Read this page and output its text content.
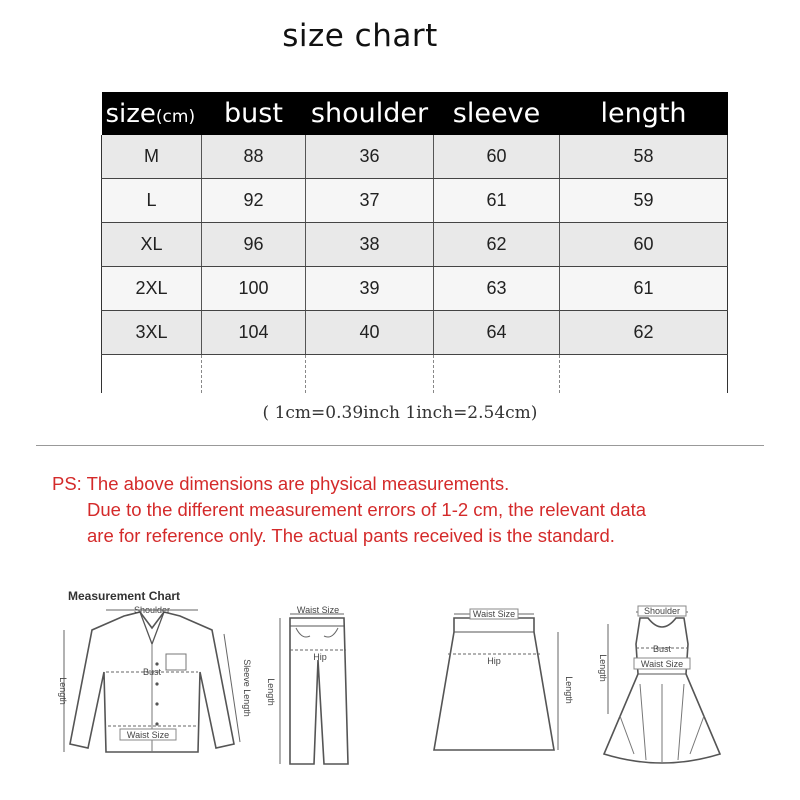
size chart
size(cm)	bust	shoulder	sleeve	length
M	88	36	60	58
L	92	37	61	59
XL	96	38	62	60
2XL	100	39	63	61
3XL	104	40	64	62

( 1cm=0.39inch 1inch=2.54cm)
PS: The above dimensions are physical measurements.
Due to the different measurement errors of 1-2 cm, the relevant data
are for reference only. The actual pants received is the standard.
Measurement Chart
Shoulder
Bust
Waist Size
Length	Sleeve Length
Waist Size
Hip
Length
Waist Size
Hip
Length
Shoulder
Bust
Waist Size
Length
